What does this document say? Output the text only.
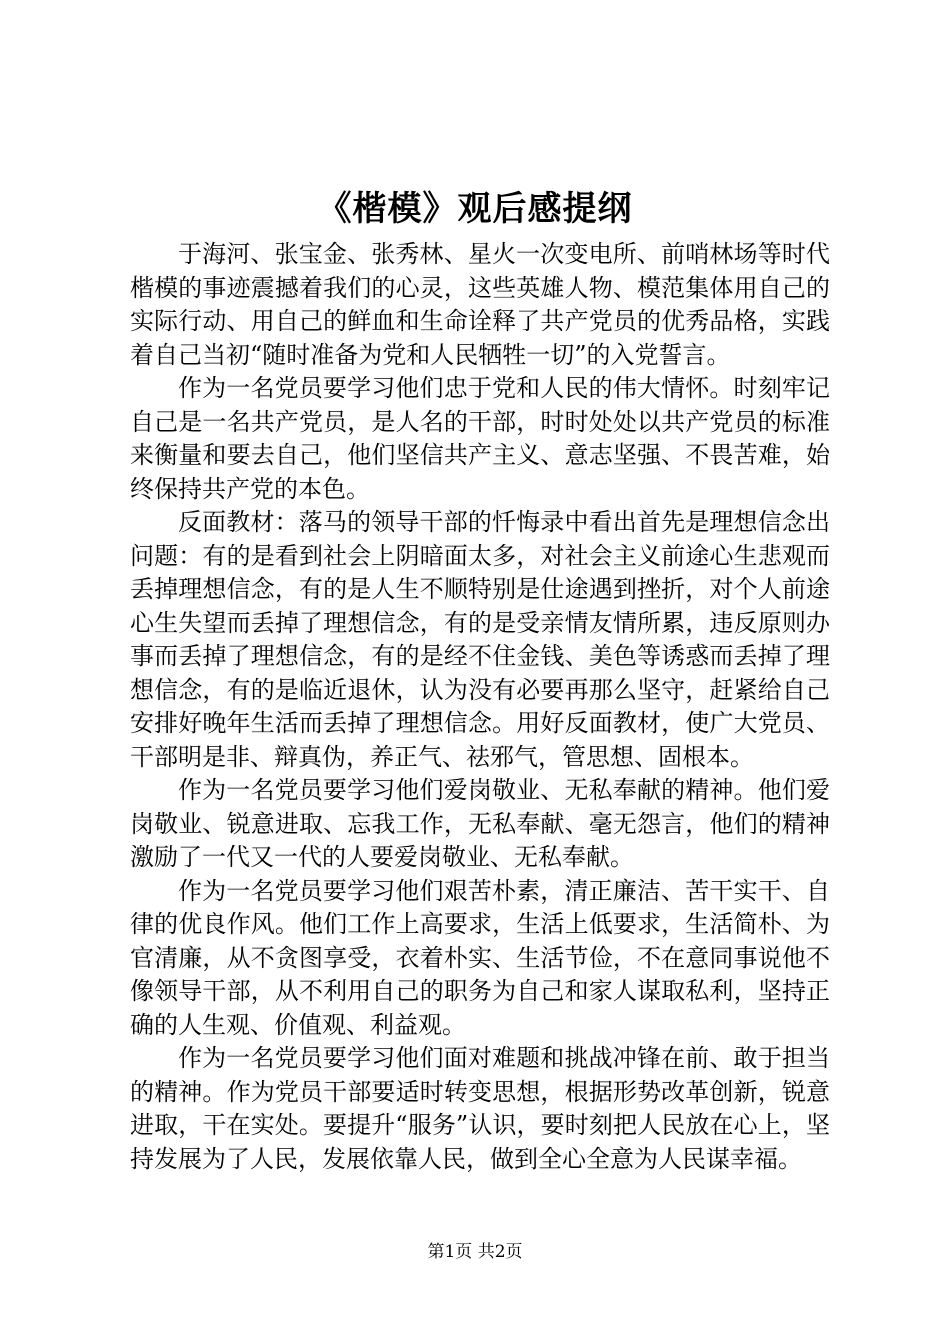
《楷模》观后感提纲

于海河、张宝金、张秀林、星火一次变电所、前哨林场等时代楷模的事迹震撼着我们的心灵，这些英雄人物、模范集体用自己的实际行动、用自己的鲜血和生命诠释了共产党员的优秀品格，实践着自己当初“随时准备为党和人民牺牲一切”的入党誓言。

作为一名党员要学习他们忠于党和人民的伟大情怀。时刻牢记自己是一名共产党员，是人名的干部，时时处处以共产党员的标准来衡量和要去自己，他们坚信共产主义、意志坚强、不畏苦难，始终保持共产党的本色。

反面教材：落马的领导干部的忏悔录中看出首先是理想信念出问题：有的是看到社会上阴暗面太多，对社会主义前途心生悲观而丢掉理想信念，有的是人生不顺特别是仕途遇到挫折，对个人前途心生失望而丢掉了理想信念，有的是受亲情友情所累，违反原则办事而丢掉了理想信念，有的是经不住金钱、美色等诱惑而丢掉了理想信念，有的是临近退休，认为没有必要再那么坚守，赶紧给自己安排好晚年生活而丢掉了理想信念。用好反面教材，使广大党员、干部明是非、辩真伪，养正气、祛邪气，管思想、固根本。

作为一名党员要学习他们爱岗敬业、无私奉献的精神。他们爱岗敬业、锐意进取、忘我工作，无私奉献、毫无怨言，他们的精神激励了一代又一代的人要爱岗敬业、无私奉献。

作为一名党员要学习他们艰苦朴素，清正廉洁、苦干实干、自律的优良作风。他们工作上高要求，生活上低要求，生活简朴、为官清廉，从不贪图享受，衣着朴实、生活节俭，不在意同事说他不像领导干部，从不利用自己的职务为自己和家人谋取私利，坚持正确的人生观、价值观、利益观。

作为一名党员要学习他们面对难题和挑战冲锋在前、敢于担当的精神。作为党员干部要适时转变思想，根据形势改革创新，锐意进取，干在实处。要提升“服务”认识，要时刻把人民放在心上，坚持发展为了人民，发展依靠人民，做到全心全意为人民谋幸福。

第1页 共2页
